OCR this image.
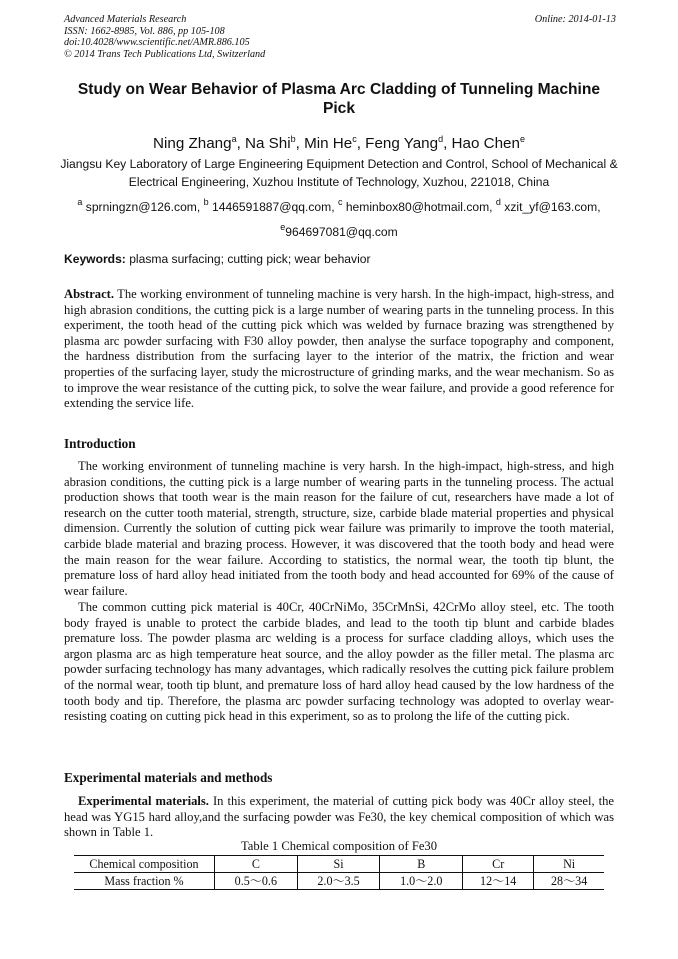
Advanced Materials Research
ISSN: 1662-8985, Vol. 886, pp 105-108
doi:10.4028/www.scientific.net/AMR.886.105
© 2014 Trans Tech Publications Ltd, Switzerland
Online: 2014-01-13
Study on Wear Behavior of Plasma Arc Cladding of Tunneling Machine Pick
Ning Zhang$^a$, Na Shi$^b$, Min He$^c$, Feng Yang$^d$, Hao Chen$^e$
Jiangsu Key Laboratory of Large Engineering Equipment Detection and Control, School of Mechanical & Electrical Engineering, Xuzhou Institute of Technology, Xuzhou, 221018, China
$^a$ sprningzn@126.com, $^b$ 1446591887@qq.com, $^c$ heminbox80@hotmail.com, $^d$ xzit_yf@163.com,
$^e$964697081@qq.com
Keywords: plasma surfacing; cutting pick; wear behavior
Abstract. The working environment of tunneling machine is very harsh. In the high-impact, high-stress, and high abrasion conditions, the cutting pick is a large number of wearing parts in the tunneling process. In this experiment, the tooth head of the cutting pick which was welded by furnace brazing was strengthened by plasma arc powder surfacing with F30 alloy powder, then analyse the surface topography and component, the hardness distribution from the surfacing layer to the interior of the matrix, the friction and wear properties of the surfacing layer, study the microstructure of grinding marks, and the wear mechanism. So as to improve the wear resistance of the cutting pick, to solve the wear failure, and provide a good reference for extending the service life.
Introduction
The working environment of tunneling machine is very harsh. In the high-impact, high-stress, and high abrasion conditions, the cutting pick is a large number of wearing parts in the tunneling process. The actual production shows that tooth wear is the main reason for the failure of cut, researchers have made a lot of research on the cutter tooth material, strength, structure, size, carbide blade material properties and physical dimension. Currently the solution of cutting pick wear failure was primarily to improve the tooth material, carbide blade material and brazing process. However, it was discovered that the tooth body and head were the main reason for the wear failure. According to statistics, the normal wear, the tooth tip blunt, the premature loss of hard alloy head initiated from the tooth body and head accounted for 69% of the cause of wear failure.
The common cutting pick material is 40Cr, 40CrNiMo, 35CrMnSi, 42CrMo alloy steel, etc. The tooth body frayed is unable to protect the carbide blades, and lead to the tooth tip blunt and carbide blades premature loss. The powder plasma arc welding is a process for surface cladding alloys, which uses the argon plasma arc as high temperature heat source, and the alloy powder as the filler metal. The plasma arc powder surfacing technology has many advantages, which radically resolves the cutting pick failure problem of the normal wear, tooth tip blunt, and premature loss of hard alloy head caused by the low hardness of the tooth body and tip. Therefore, the plasma arc powder surfacing technology was adopted to overlay wear-resisting coating on cutting pick head in this experiment, so as to prolong the life of the cutting pick.
Experimental materials and methods
Experimental materials. In this experiment, the material of cutting pick body was 40Cr alloy steel, the head was YG15 hard alloy,and the surfacing powder was Fe30, the key chemical composition of which was shown in Table 1.
Table 1 Chemical composition of Fe30
Chemical composition	C	Si	B	Cr	Ni
Mass fraction %	0.5～0.6	2.0～3.5	1.0～2.0	12～14	28～34
